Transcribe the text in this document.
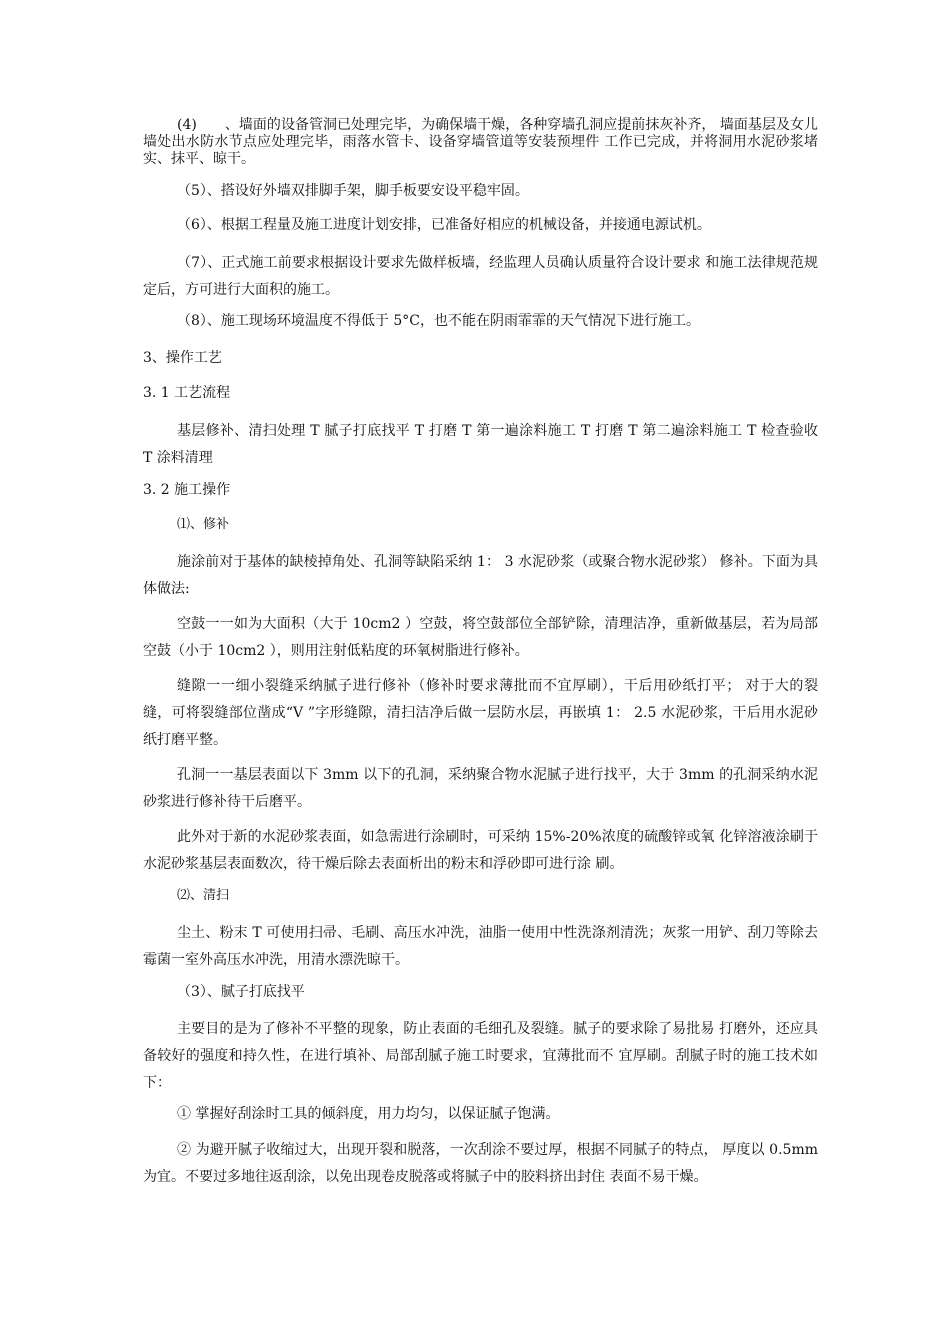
(4)　　、墙面的设备管洞已处理完毕，为确保墙干燥，各种穿墙孔洞应提前抹灰补齐， 墙面基层及女儿墙处出水防水节点应处理完毕，雨落水管卡、设备穿墙管道等安装预埋件 工作已完成，并将洞用水泥砂浆堵实、抹平、晾干。

（5）、搭设好外墙双排脚手架，脚手板要安设平稳牢固。

（6）、根据工程量及施工进度计划安排，已准备好相应的机械设备，并接通电源试机。

（7）、正式施工前要求根据设计要求先做样板墙，经监理人员确认质量符合设计要求 和施工法律规范规定后，方可进行大面积的施工。

（8）、施工现场环境温度不得低于 5°C，也不能在阴雨霏霏的天气情况下进行施工。

3、操作工艺
3. 1 工艺流程

基层修补、清扫处理 T 腻子打底找平 T 打磨 T 第一遍涂料施工 T 打磨 T 第二遍涂料施工 T 检查验收 T 涂料清理

3. 2 施工操作
⑴、修补

施涂前对于基体的缺棱掉角处、孔洞等缺陷采纳 1： 3 水泥砂浆（或聚合物水泥砂浆） 修补。下面为具体做法:

空鼓一一如为大面积（大于 10cm2 ）空鼓，将空鼓部位全部铲除，清理洁净，重新做基层，若为局部空鼓（小于 10cm2 ），则用注射低粘度的环氧树脂进行修补。

缝隙一一细小裂缝采纳腻子进行修补（修补时要求薄批而不宜厚刷），干后用砂纸打平； 对于大的裂缝，可将裂缝部位凿成“V ”字形缝隙，清扫洁净后做一层防水层，再嵌填 1： 2.5 水泥砂浆，干后用水泥砂纸打磨平整。

孔洞一一基层表面以下 3mm 以下的孔洞，采纳聚合物水泥腻子进行找平，大于 3mm 的孔洞采纳水泥砂浆进行修补待干后磨平。

此外对于新的水泥砂浆表面，如急需进行涂刷时，可采纳 15%-20%浓度的硫酸锌或氧 化锌溶液涂刷于水泥砂浆基层表面数次，待干燥后除去表面析出的粉末和浮砂即可进行涂 刷。

⑵、清扫

尘土、粉末 T 可使用扫帚、毛刷、高压水冲洗，油脂一使用中性洗涤剂清洗；灰浆一用铲、刮刀等除去霉菌一室外高压水冲洗，用清水漂洗晾干。

（3）、腻子打底找平

主要目的是为了修补不平整的现象，防止表面的毛细孔及裂缝。腻子的要求除了易批易 打磨外，还应具备较好的强度和持久性，在进行填补、局部刮腻子施工时要求，宜薄批而不 宜厚刷。刮腻子时的施工技术如下：

① 掌握好刮涂时工具的倾斜度，用力均匀，以保证腻子饱满。

② 为避开腻子收缩过大，出现开裂和脱落，一次刮涂不要过厚，根据不同腻子的特点， 厚度以 0.5mm 为宜。不要过多地往返刮涂，以免出现卷皮脱落或将腻子中的胶料挤出封住 表面不易干燥。
